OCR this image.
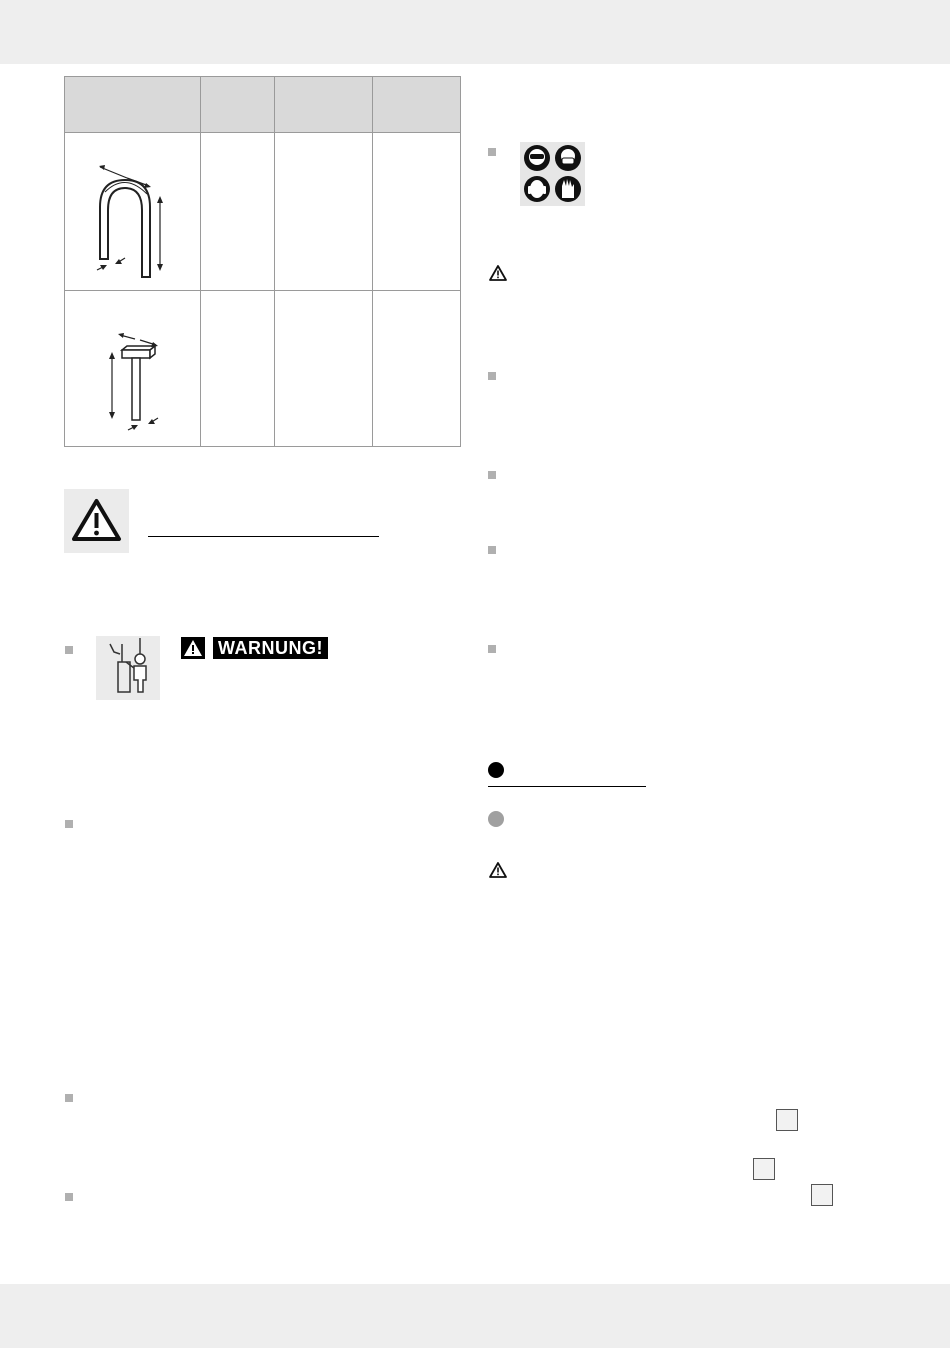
WARNUNG!
